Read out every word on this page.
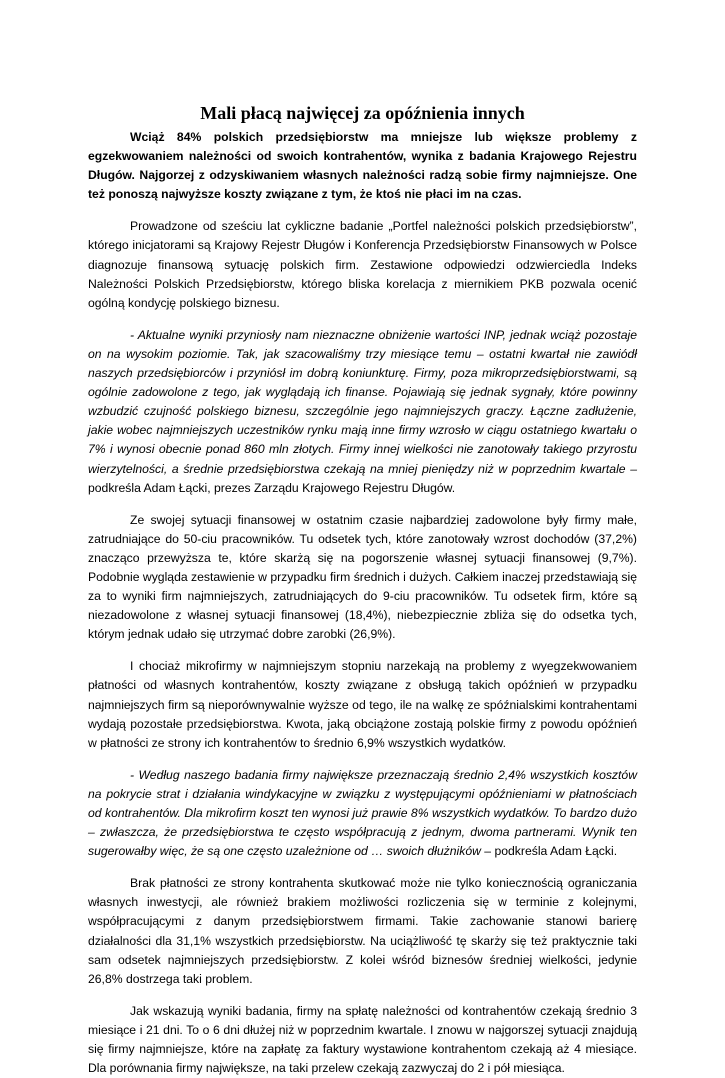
Mali płacą najwięcej za opóźnienia innych

Wciąż 84% polskich przedsiębiorstw ma mniejsze lub większe problemy z egzekwowaniem należności od swoich kontrahentów, wynika z badania Krajowego Rejestru Długów. Najgorzej z odzyskiwaniem własnych należności radzą sobie firmy najmniejsze. One też ponoszą najwyższe koszty związane z tym, że ktoś nie płaci im na czas.

Prowadzone od sześciu lat cykliczne badanie „Portfel należności polskich przedsiębiorstw”, którego inicjatorami są Krajowy Rejestr Długów i Konferencja Przedsiębiorstw Finansowych w Polsce diagnozuje finansową sytuację polskich firm. Zestawione odpowiedzi odzwierciedla Indeks Należności Polskich Przedsiębiorstw, którego bliska korelacja z miernikiem PKB pozwala ocenić ogólną kondycję polskiego biznesu.

- Aktualne wyniki przyniosły nam nieznaczne obniżenie wartości INP, jednak wciąż pozostaje on na wysokim poziomie. Tak, jak szacowaliśmy trzy miesiące temu – ostatni kwartał nie zawiódł naszych przedsiębiorców i przyniósł im dobrą koniunkturę. Firmy, poza mikroprzedsiębiorstwami, są ogólnie zadowolone z tego, jak wyglądają ich finanse. Pojawiają się jednak sygnały, które powinny wzbudzić czujność polskiego biznesu, szczególnie jego najmniejszych graczy. Łączne zadłużenie, jakie wobec najmniejszych uczestników rynku mają inne firmy wzrosło w ciągu ostatniego kwartału o 7% i wynosi obecnie ponad 860 mln złotych. Firmy innej wielkości nie zanotowały takiego przyrostu wierzytelności, a średnie przedsiębiorstwa czekają na mniej pieniędzy niż w poprzednim kwartale – podkreśla Adam Łącki, prezes Zarządu Krajowego Rejestru Długów.

Ze swojej sytuacji finansowej w ostatnim czasie najbardziej zadowolone były firmy małe, zatrudniające do 50-ciu pracowników. Tu odsetek tych, które zanotowały wzrost dochodów (37,2%) znacząco przewyższa te, które skarżą się na pogorszenie własnej sytuacji finansowej (9,7%). Podobnie wygląda zestawienie w przypadku firm średnich i dużych. Całkiem inaczej przedstawiają się za to wyniki firm najmniejszych, zatrudniających do 9-ciu pracowników. Tu odsetek firm, które są niezadowolone z własnej sytuacji finansowej (18,4%), niebezpiecznie zbliża się do odsetka tych, którym jednak udało się utrzymać dobre zarobki (26,9%).

I chociaż mikrofirmy w najmniejszym stopniu narzekają na problemy z wyegzekwowaniem płatności od własnych kontrahentów, koszty związane z obsługą takich opóźnień w przypadku najmniejszych firm są nieporównywalnie wyższe od tego, ile na walkę ze spóźnialskimi kontrahentami wydają pozostałe przedsiębiorstwa. Kwota, jaką obciążone zostają polskie firmy z powodu opóźnień w płatności ze strony ich kontrahentów to średnio 6,9% wszystkich wydatków.

- Według naszego badania firmy największe przeznaczają średnio 2,4% wszystkich kosztów na pokrycie strat i działania windykacyjne w związku z występującymi opóźnieniami w płatnościach od kontrahentów. Dla mikrofirm koszt ten wynosi już prawie 8% wszystkich wydatków. To bardzo dużo – zwłaszcza, że przedsiębiorstwa te często współpracują z jednym, dwoma partnerami. Wynik ten sugerowałby więc, że są one często uzależnione od … swoich dłużników – podkreśla Adam Łącki.

Brak płatności ze strony kontrahenta skutkować może nie tylko koniecznością ograniczania własnych inwestycji, ale również brakiem możliwości rozliczenia się w terminie z kolejnymi, współpracującymi z danym przedsiębiorstwem firmami. Takie zachowanie stanowi barierę działalności dla 31,1% wszystkich przedsiębiorstw. Na uciążliwość tę skarży się też praktycznie taki sam odsetek najmniejszych przedsiębiorstw. Z kolei wśród biznesów średniej wielkości, jedynie 26,8% dostrzega taki problem.

Jak wskazują wyniki badania, firmy na spłatę należności od kontrahentów czekają średnio 3 miesiące i 21 dni. To o 6 dni dłużej niż w poprzednim kwartale. I znowu w najgorszej sytuacji znajdują się firmy najmniejsze, które na zapłatę za faktury wystawione kontrahentom czekają aż 4 miesiące. Dla porównania firmy największe, na taki przelew czekają zazwyczaj do 2 i pół miesiąca.
